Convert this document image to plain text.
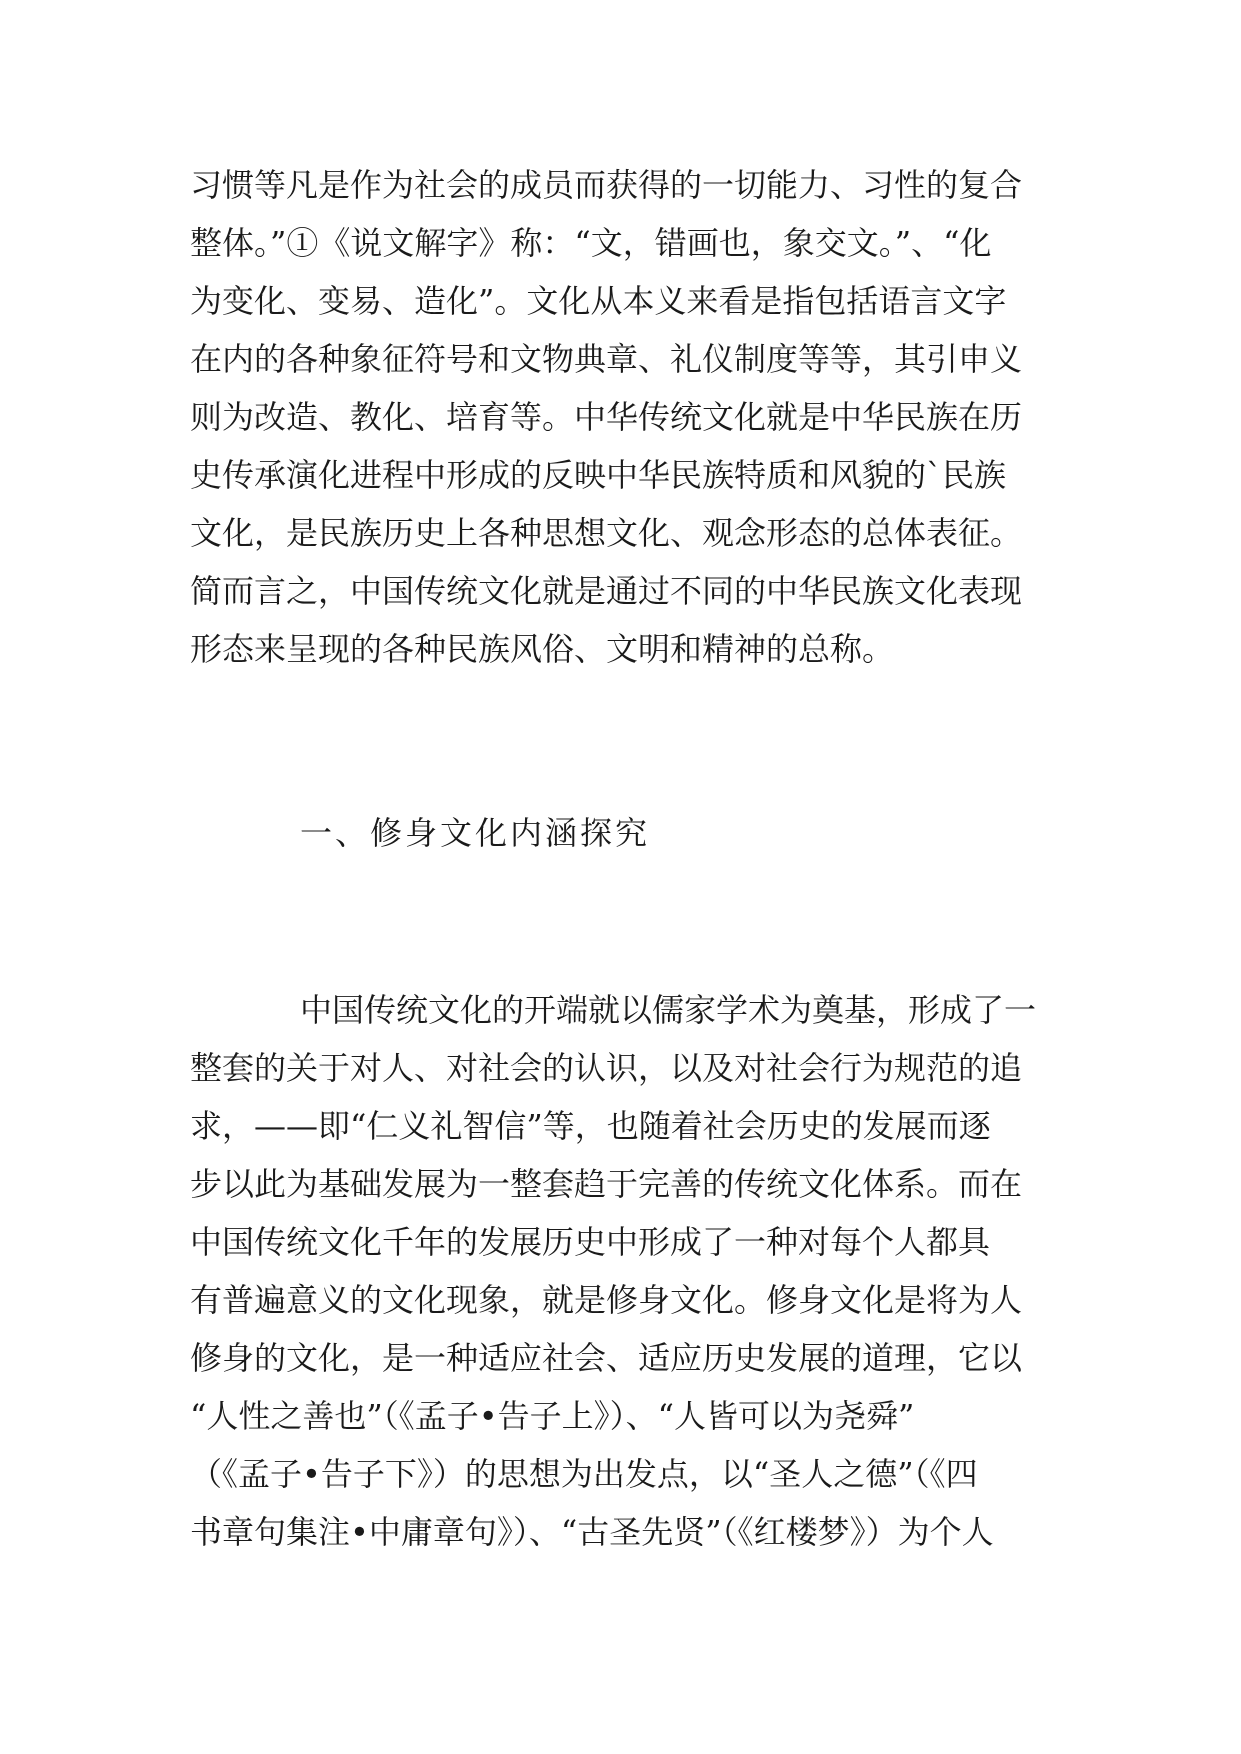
习惯等凡是作为社会的成员而获得的一切能力、习性的复合
整体。”①《说文解字》称：“文，错画也，象交文。”、“化
为变化、变易、造化”。文化从本义来看是指包括语言文字
在内的各种象征符号和文物典章、礼仪制度等等，其引申义
则为改造、教化、培育等。中华传统文化就是中华民族在历
史传承演化进程中形成的反映中华民族特质和风貌的`民族
文化，是民族历史上各种思想文化、观念形态的总体表征。
简而言之，中国传统文化就是通过不同的中华民族文化表现
形态来呈现的各种民族风俗、文明和精神的总称。
一、修身文化内涵探究
中国传统文化的开端就以儒家学术为奠基，形成了一
整套的关于对人、对社会的认识，以及对社会行为规范的追
求，——即“仁义礼智信”等，也随着社会历史的发展而逐
步以此为基础发展为一整套趋于完善的传统文化体系。而在
中国传统文化千年的发展历史中形成了一种对每个人都具
有普遍意义的文化现象，就是修身文化。修身文化是将为人
修身的文化，是一种适应社会、适应历史发展的道理，它以
“人性之善也”（《孟子•告子上》）、“人皆可以为尧舜”
（《孟子•告子下》）的思想为出发点，以“圣人之德”（《四
书章句集注•中庸章句》）、“古圣先贤”（《红楼梦》）为个人
